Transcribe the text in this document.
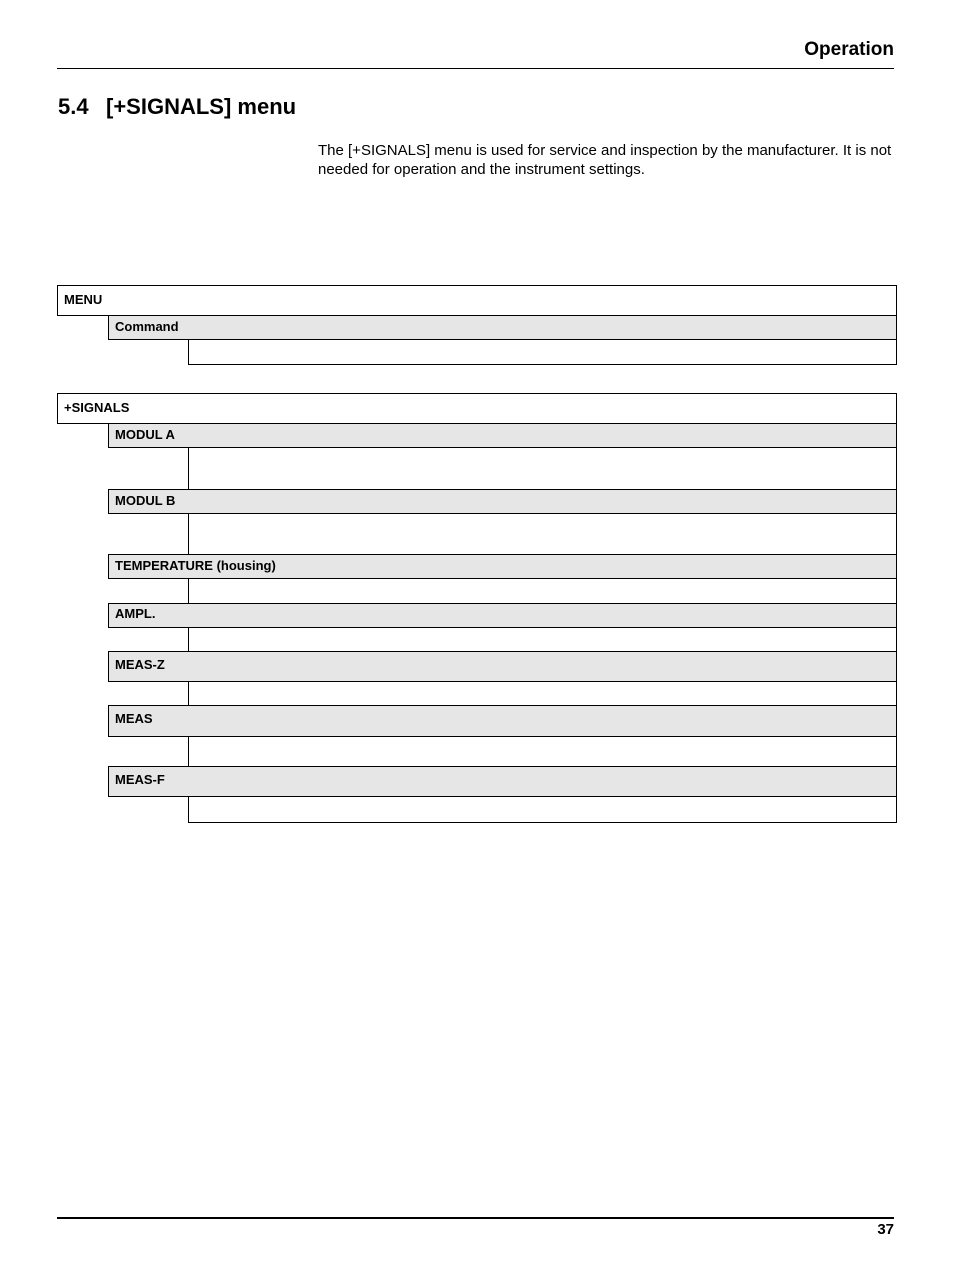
Operation
5.4 [+SIGNALS] menu

The [+SIGNALS] menu is used for service and inspection by the manufacturer. It is not needed for operation and the instrument settings.

MENU
Command
+SIGNALS
MODUL A
MODUL B
TEMPERATURE (housing)
AMPL.
MEAS-Z
MEAS
MEAS-F
37
